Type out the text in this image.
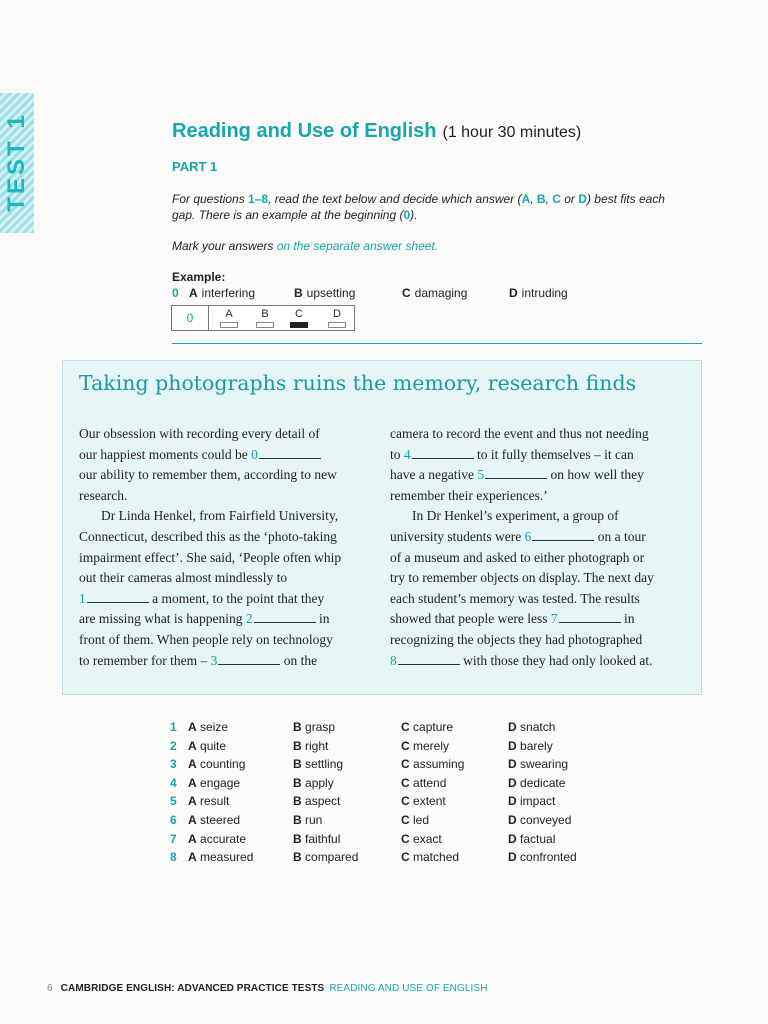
TEST 1	Reading and Use of English (1 hour 30 minutes)
PART 1
For questions 1–8, read the text below and decide which answer (A, B, C or D) best fits each
gap. There is an example at the beginning (0).
Mark your answers on the separate answer sheet.
Example:
0 A interfering	B upsetting	C damaging	D intruding
0	A	B	C	D
Taking photographs ruins the memory, research finds

Our obsession with recording every detail of

our happiest moments could be 0

our ability to remember them, according to new

research.

Dr Linda Henkel, from Fairfield University,

Connecticut, described this as the ‘photo-taking

impairment effect’. She said, ‘People often whip

out their cameras almost mindlessly to

1	a moment, to the point that they

are missing what is happening 2	in

front of them. When people rely on technology

to remember for them – 3	on the

camera to record the event and thus not needing

to 4	to it fully themselves – it can

have a negative 5	on how well they

remember their experiences.’

In Dr Henkel’s experiment, a group of

university students were 6	on a tour

of a museum and asked to either photograph or

try to remember objects on display. The next day

each student’s memory was tested. The results

showed that people were less 7	in

recognizing the objects they had photographed

8	with those they had only looked at.

1 A seize	B grasp	C capture	D snatch
2 A quite	B right	C merely	D barely
3 A counting	B settling	C assuming	D swearing
4 A engage	B apply	C attend	D dedicate
5 A result	B aspect	C extent	D impact
6 A steered	B run	C led	D conveyed
7 A accurate	B faithful	C exact	D factual
8 A measured	B compared	C matched	D confronted
6 CAMBRIDGE ENGLISH: ADVANCED PRACTICE TESTS READING AND USE OF ENGLISH
